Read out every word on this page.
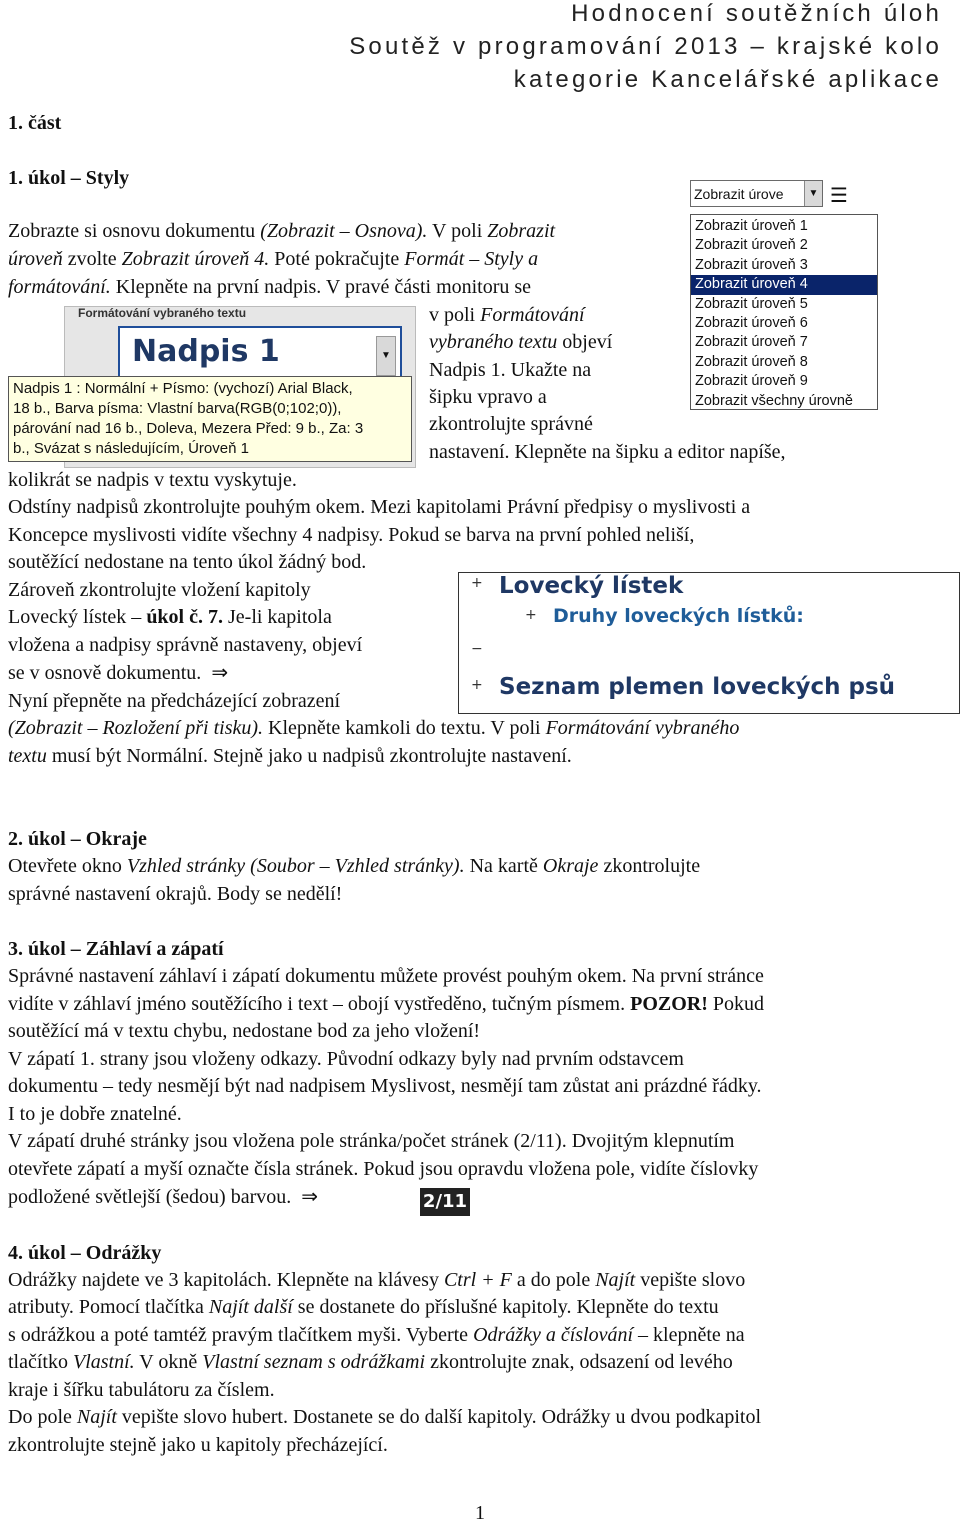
Hodnocení soutěžních úloh
Soutěž v programování 2013 – krajské kolo
kategorie Kancelářské aplikace
1. část
1. úkol – Styly
Zobrazte si osnovu dokumentu (Zobrazit – Osnova). V poli Zobrazit
úroveň zvolte Zobrazit úroveň 4. Poté pokračujte Formát – Styly a
formátování. Klepněte na první nadpis. V pravé části monitoru se
v poli Formátování
vybraného textu objeví
Nadpis 1. Ukažte na
šipku vpravo a
zkontrolujte správné
nastavení. Klepněte na šipku a editor napíše,
kolikrát se nadpis v textu vyskytuje.
Odstíny nadpisů zkontrolujte pouhým okem. Mezi kapitolami Právní předpisy o myslivosti a
Koncepce myslivosti vidíte všechny 4 nadpisy. Pokud se barva na první pohled neliší,
soutěžící nedostane na tento úkol žádný bod.
Zároveň zkontrolujte vložení kapitoly
Lovecký lístek – úkol č. 7. Je-li kapitola
vložena a nadpisy správně nastaveny, objeví
se v osnově dokumentu. ⇒
Nyní přepněte na předcházející zobrazení
(Zobrazit – Rozložení při tisku). Klepněte kamkoli do textu. V poli Formátování vybraného
textu musí být Normální. Stejně jako u nadpisů zkontrolujte nastavení.
Zobrazit úrove	▼ ☰
Zobrazit úroveň 1
Zobrazit úroveň 2
Zobrazit úroveň 3
Zobrazit úroveň 4
Zobrazit úroveň 5
Zobrazit úroveň 6
Zobrazit úroveň 7
Zobrazit úroveň 8
Zobrazit úroveň 9
Zobrazit všechny úrovně
Formátování vybraného textu
Nadpis 1	▼
Nadpis 1 : Normální + Písmo: (vychozí) Arial Black,
18 b., Barva písma: Vlastní barva(RGB(0;102;0)),
párování nad 16 b., Doleva, Mezera Před: 9 b., Za: 3
b., Svázat s následujícím, Úroveň 1
+ Lovecký lístek
+ Druhy loveckých lístků:
−
+ Seznam plemen loveckých psů
2. úkol – Okraje
Otevřete okno Vzhled stránky (Soubor – Vzhled stránky). Na kartě Okraje zkontrolujte
správné nastavení okrajů. Body se nedělí!
3. úkol – Záhlaví a zápatí
Správné nastavení záhlaví i zápatí dokumentu můžete provést pouhým okem. Na první stránce
vidíte v záhlaví jméno soutěžícího i text – obojí vystředěno, tučným písmem. POZOR! Pokud
soutěžící má v textu chybu, nedostane bod za jeho vložení!
V zápatí 1. strany jsou vloženy odkazy. Původní odkazy byly nad prvním odstavcem
dokumentu – tedy nesmějí být nad nadpisem Myslivost, nesmějí tam zůstat ani prázdné řádky.
I to je dobře znatelné.
V zápatí druhé stránky jsou vložena pole stránka/počet stránek (2/11). Dvojitým klepnutím
otevřete zápatí a myší označte čísla stránek. Pokud jsou opravdu vložena pole, vidíte číslovky
podložené světlejší (šedou) barvou. ⇒	2/11
4. úkol – Odrážky
Odrážky najdete ve 3 kapitolách. Klepněte na klávesy Ctrl + F a do pole Najít vepište slovo
atributy. Pomocí tlačítka Najít další se dostanete do příslušné kapitoly. Klepněte do textu
s odrážkou a poté tamtéž pravým tlačítkem myši. Vyberte Odrážky a číslování – klepněte na
tlačítko Vlastní. V okně Vlastní seznam s odrážkami zkontrolujte znak, odsazení od levého
kraje i šířku tabulátoru za číslem.
Do pole Najít vepište slovo hubert. Dostanete se do další kapitoly. Odrážky u dvou podkapitol
zkontrolujte stejně jako u kapitoly přecházející.
1
